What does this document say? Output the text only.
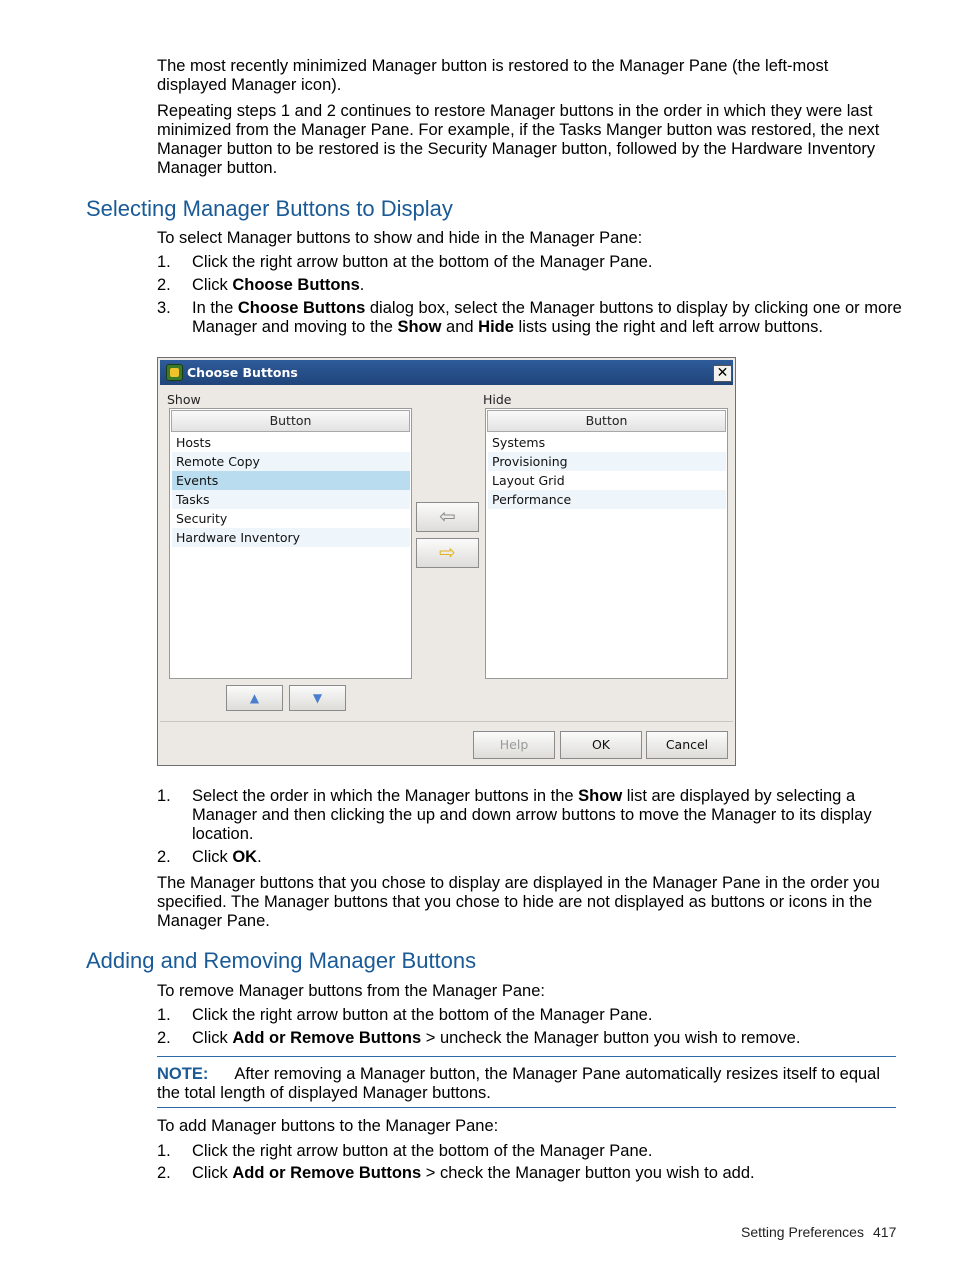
The most recently minimized Manager button is restored to the Manager Pane (the left-most displayed Manager icon).
Repeating steps 1 and 2 continues to restore Manager buttons in the order in which they were last minimized from the Manager Pane. For example, if the Tasks Manger button was restored, the next Manager button to be restored is the Security Manager button, followed by the Hardware Inventory Manager button.
Selecting Manager Buttons to Display
To select Manager buttons to show and hide in the Manager Pane:
1. Click the right arrow button at the bottom of the Manager Pane.
2. Click Choose Buttons.
3. In the Choose Buttons dialog box, select the Manager buttons to display by clicking one or more Manager and moving to the Show and Hide lists using the right and left arrow buttons.
Choose Buttons	✕
Show	Hide
Button
Hosts
Remote Copy
Events
Tasks
Security
Hardware Inventory
⇦
⇨
Button
Systems
Provisioning
Layout Grid
Performance
▲	▼
Help	OK	Cancel
1. Select the order in which the Manager buttons in the Show list are displayed by selecting a Manager and then clicking the up and down arrow buttons to move the Manager to its display location.
2. Click OK.
The Manager buttons that you chose to display are displayed in the Manager Pane in the order you specified. The Manager buttons that you chose to hide are not displayed as buttons or icons in the Manager Pane.
Adding and Removing Manager Buttons
To remove Manager buttons from the Manager Pane:
1. Click the right arrow button at the bottom of the Manager Pane.
2. Click Add or Remove Buttons > uncheck the Manager button you wish to remove.
NOTE: After removing a Manager button, the Manager Pane automatically resizes itself to equal the total length of displayed Manager buttons.
To add Manager buttons to the Manager Pane:
1. Click the right arrow button at the bottom of the Manager Pane.
2. Click Add or Remove Buttons > check the Manager button you wish to add.
Setting Preferences 417
